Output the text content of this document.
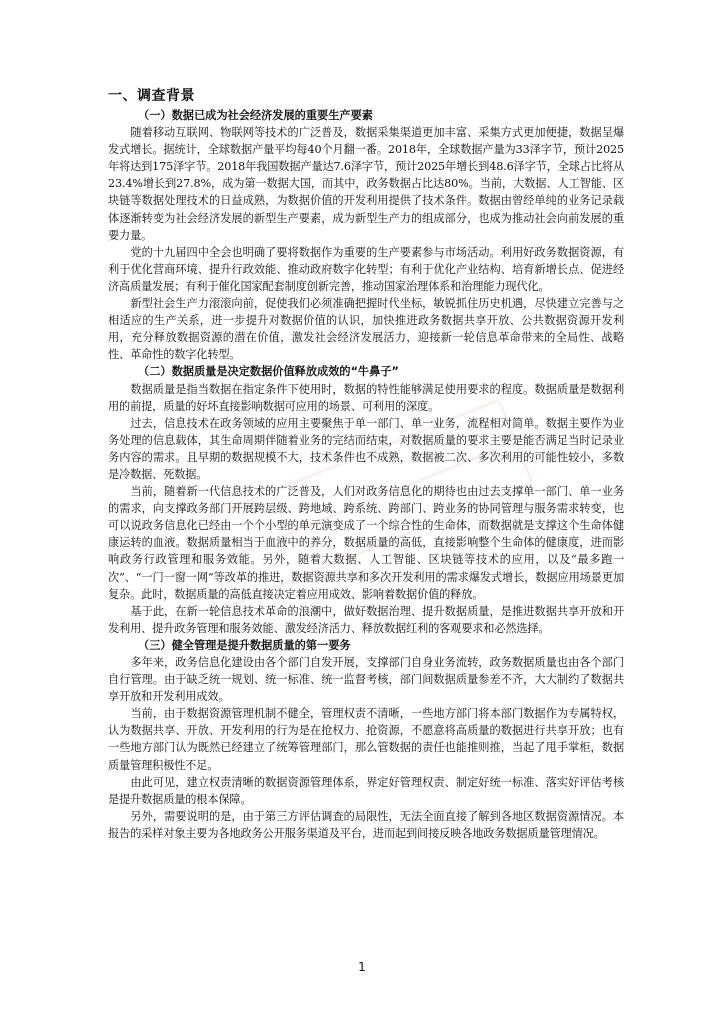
一、调查背景
（一）数据已成为社会经济发展的重要生产要素

随着移动互联网、物联网等技术的广泛普及，数据采集渠道更加丰富、采集方式更加便捷，数据呈爆发式增长。据统计，全球数据产量平均每40个月翻一番。2018年，全球数据产量为33泽字节，预计2025年将达到175泽字节。2018年我国数据产量达7.6泽字节，预计2025年增长到48.6泽字节，全球占比将从23.4%增长到27.8%，成为第一数据大国，而其中，政务数据占比达80%。当前，大数据、人工智能、区块链等数据处理技术的日益成熟，为数据价值的开发利用提供了技术条件。数据由曾经单纯的业务记录载体逐渐转变为社会经济发展的新型生产要素，成为新型生产力的组成部分，也成为推动社会向前发展的重要力量。

党的十九届四中全会也明确了要将数据作为重要的生产要素参与市场活动。利用好政务数据资源，有利于优化营商环境、提升行政效能、推动政府数字化转型；有利于优化产业结构、培育新增长点、促进经济高质量发展；有利于催化国家配套制度创新完善，推动国家治理体系和治理能力现代化。

新型社会生产力滚滚向前，促使我们必须准确把握时代坐标，敏锐抓住历史机遇，尽快建立完善与之相适应的生产关系，进一步提升对数据价值的认识，加快推进政务数据共享开放、公共数据资源开发利用，充分释放数据资源的潜在价值，激发社会经济发展活力，迎接新一轮信息革命带来的全局性、战略性、革命性的数字化转型。

（二）数据质量是决定数据价值释放成效的“牛鼻子”

数据质量是指当数据在指定条件下使用时，数据的特性能够满足使用要求的程度。数据质量是数据利用的前提，质量的好坏直接影响数据可应用的场景、可利用的深度。

过去，信息技术在政务领域的应用主要聚焦于单一部门、单一业务，流程相对简单。数据主要作为业务处理的信息载体，其生命周期伴随着业务的完结而结束，对数据质量的要求主要是能否满足当时记录业务内容的需求。且早期的数据规模不大，技术条件也不成熟，数据被二次、多次利用的可能性较小，多数是冷数据、死数据。

当前，随着新一代信息技术的广泛普及，人们对政务信息化的期待也由过去支撑单一部门、单一业务的需求，向支撑政务部门开展跨层级、跨地域、跨系统、跨部门、跨业务的协同管理与服务需求转变，也可以说政务信息化已经由一个个小型的单元演变成了一个综合性的生命体，而数据就是支撑这个生命体健康运转的血液。数据质量相当于血液中的养分，数据质量的高低，直接影响整个生命体的健康度，进而影响政务行政管理和服务效能。另外，随着大数据、人工智能、区块链等技术的应用，以及“最多跑一次”、“一门一窗一网”等改革的推进，数据资源共享和多次开发利用的需求爆发式增长，数据应用场景更加复杂。此时，数据质量的高低直接决定着应用成效、影响着数据价值的释放。

基于此，在新一轮信息技术革命的浪潮中，做好数据治理、提升数据质量，是推进数据共享开放和开发利用、提升政务管理和服务效能、激发经济活力、释放数据红利的客观要求和必然选择。

（三）健全管理是提升数据质量的第一要务

多年来，政务信息化建设由各个部门自发开展，支撑部门自身业务流转，政务数据质量也由各个部门自行管理。由于缺乏统一规划、统一标准、统一监督考核，部门间数据质量参差不齐，大大制约了数据共享开放和开发利用成效。

当前，由于数据资源管理机制不健全，管理权责不清晰，一些地方部门将本部门数据作为专属特权，认为数据共享、开放、开发利用的行为是在抢权力、抢资源，不愿意将高质量的数据进行共享开放；也有一些地方部门认为既然已经建立了统筹管理部门，那么管数据的责任也能推则推，当起了甩手掌柜，数据质量管理积极性不足。

由此可见，建立权责清晰的数据资源管理体系，界定好管理权责、制定好统一标准、落实好评估考核是提升数据质量的根本保障。

另外，需要说明的是，由于第三方评估调查的局限性，无法全面直接了解到各地区数据资源情况。本报告的采样对象主要为各地政务公开服务渠道及平台，进而起到间接反映各地政务数据质量管理情况。

1
